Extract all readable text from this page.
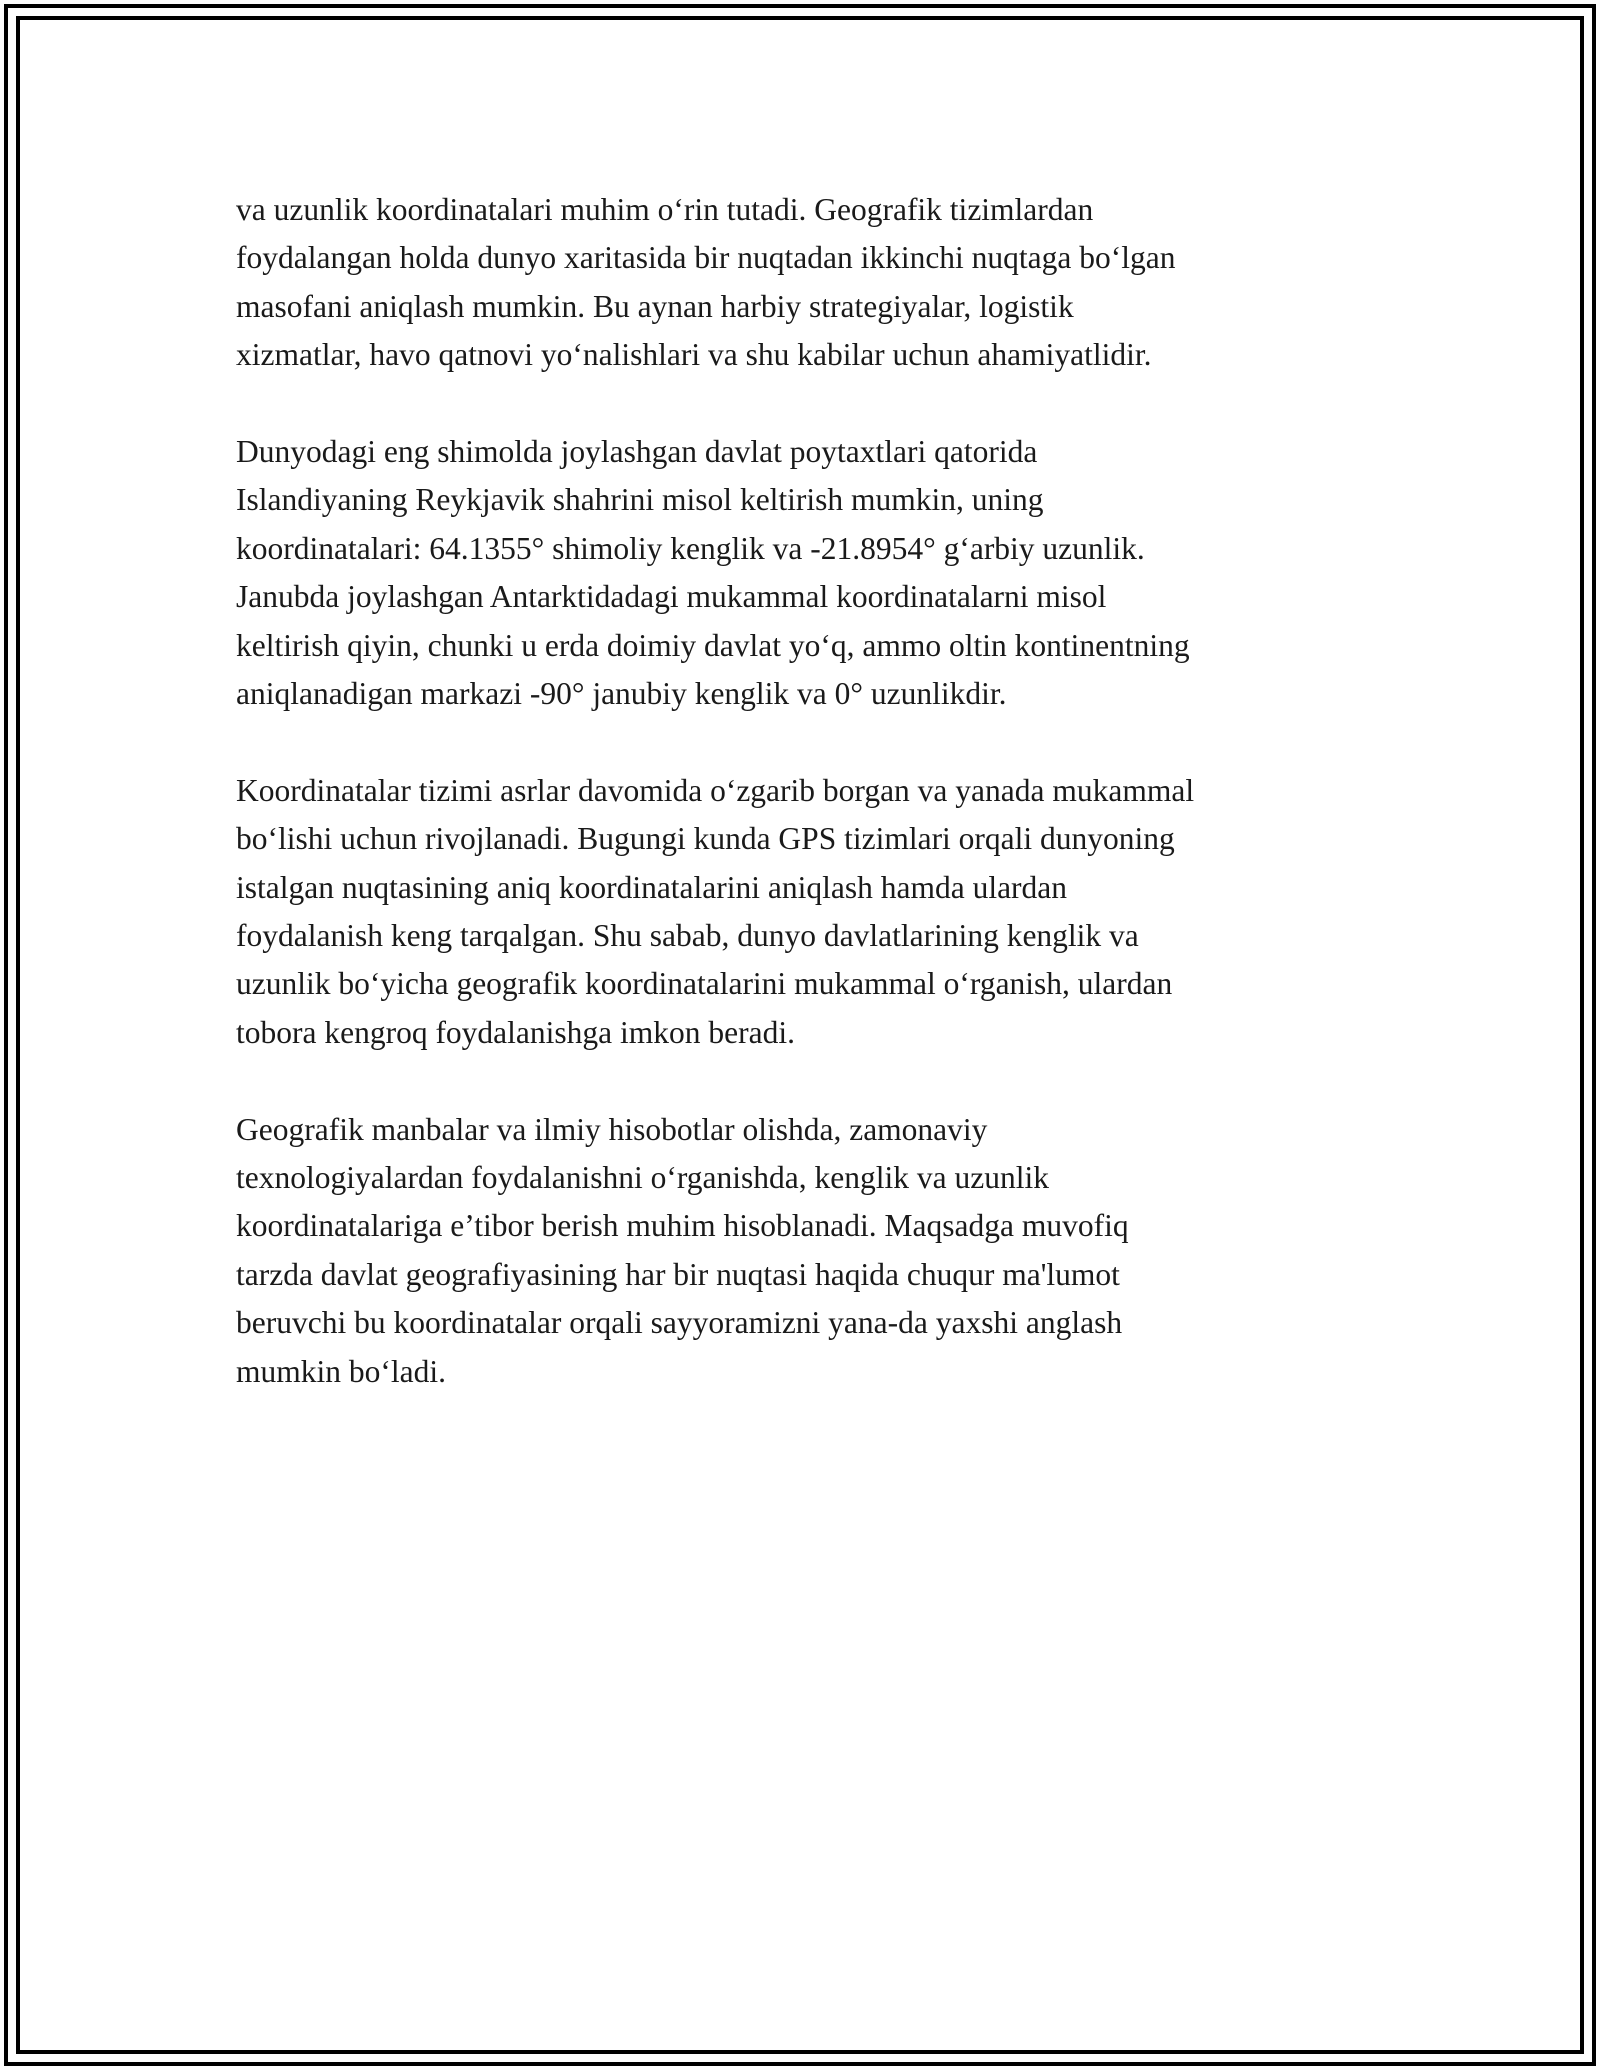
va uzunlik koordinatalari muhim o‘rin tutadi. Geografik tizimlardan
foydalangan holda dunyo xaritasida bir nuqtadan ikkinchi nuqtaga bo‘lgan
masofani aniqlash mumkin. Bu aynan harbiy strategiyalar, logistik
xizmatlar, havo qatnovi yo‘nalishlari va shu kabilar uchun ahamiyatlidir.

Dunyodagi eng shimolda joylashgan davlat poytaxtlari qatorida
Islandiyaning Reykjavik shahrini misol keltirish mumkin, uning
koordinatalari: 64.1355° shimoliy kenglik va -21.8954° g‘arbiy uzunlik.
Janubda joylashgan Antarktidadagi mukammal koordinatalarni misol
keltirish qiyin, chunki u erda doimiy davlat yo‘q, ammo oltin kontinentning
aniqlanadigan markazi -90° janubiy kenglik va 0° uzunlikdir.

Koordinatalar tizimi asrlar davomida o‘zgarib borgan va yanada mukammal
bo‘lishi uchun rivojlanadi. Bugungi kunda GPS tizimlari orqali dunyoning
istalgan nuqtasining aniq koordinatalarini aniqlash hamda ulardan
foydalanish keng tarqalgan. Shu sabab, dunyo davlatlarining kenglik va
uzunlik bo‘yicha geografik koordinatalarini mukammal o‘rganish, ulardan
tobora kengroq foydalanishga imkon beradi.

Geografik manbalar va ilmiy hisobotlar olishda, zamonaviy
texnologiyalardan foydalanishni o‘rganishda, kenglik va uzunlik
koordinatalariga e’tibor berish muhim hisoblanadi. Maqsadga muvofiq
tarzda davlat geografiyasining har bir nuqtasi haqida chuqur ma'lumot
beruvchi bu koordinatalar orqali sayyoramizni yana-da yaxshi anglash
mumkin bo‘ladi.
